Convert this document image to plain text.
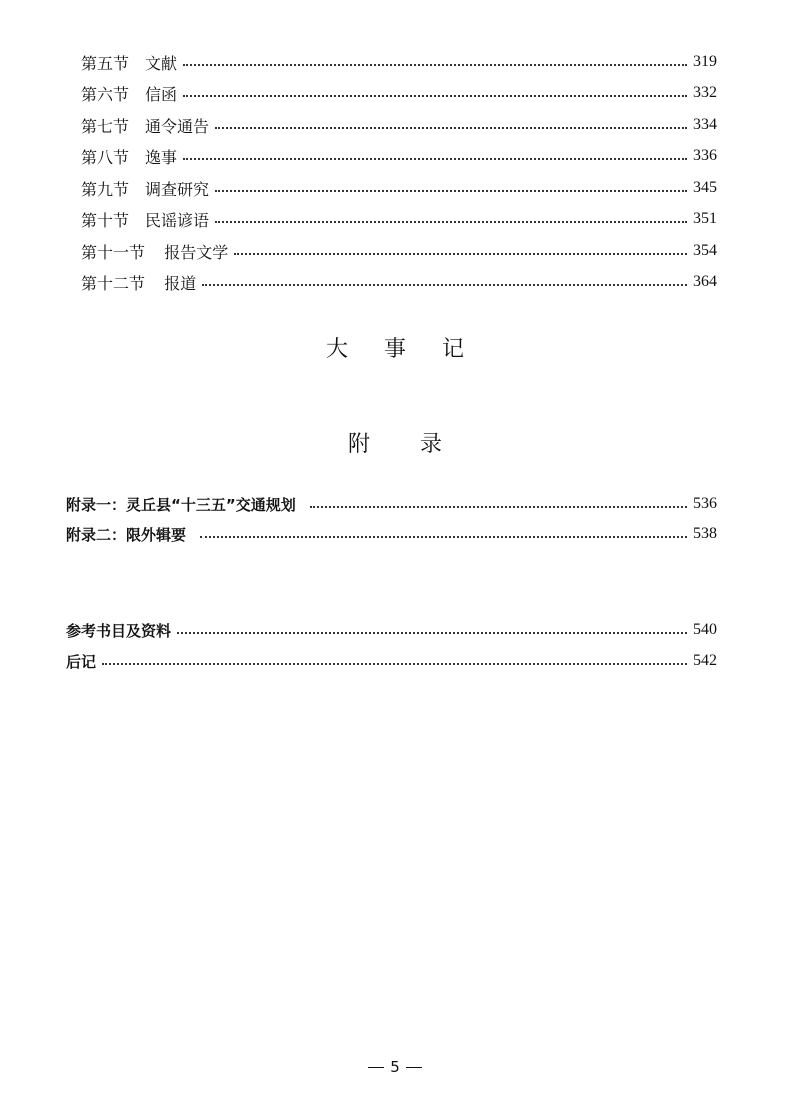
第五节 文献	319
第六节 信函	332
第七节 通令通告	334
第八节 逸事	336
第九节 调查研究	345
第十节 民谣谚语	351
第十一节 报告文学	354
第十二节 报道	364
大 事 记
附 录
附录一：灵丘县“十三五”交通规划	536
附录二：限外辑要	538
参考书目及资料	540
后记	542
5
